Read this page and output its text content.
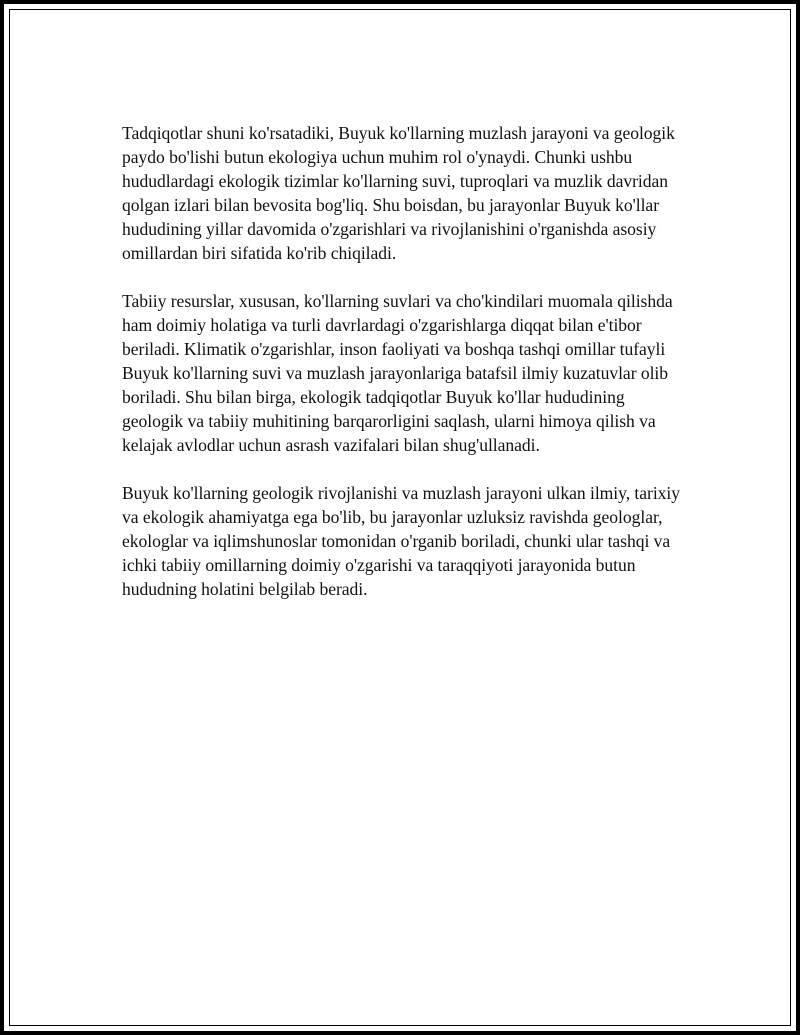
Tadqiqotlar shuni ko'rsatadiki, Buyuk ko'llarning muzlash jarayoni va geologik paydo bo'lishi butun ekologiya uchun muhim rol o'ynaydi. Chunki ushbu hududlardagi ekologik tizimlar ko'llarning suvi, tuproqlari va muzlik davridan qolgan izlari bilan bevosita bog'liq. Shu boisdan, bu jarayonlar Buyuk ko'llar hududining yillar davomida o'zgarishlari va rivojlanishini o'rganishda asosiy omillardan biri sifatida ko'rib chiqiladi.

Tabiiy resurslar, xususan, ko'llarning suvlari va cho'kindilari muomala qilishda ham doimiy holatiga va turli davrlardagi o'zgarishlarga diqqat bilan e'tibor beriladi. Klimatik o'zgarishlar, inson faoliyati va boshqa tashqi omillar tufayli Buyuk ko'llarning suvi va muzlash jarayonlariga batafsil ilmiy kuzatuvlar olib boriladi. Shu bilan birga, ekologik tadqiqotlar Buyuk ko'llar hududining geologik va tabiiy muhitining barqarorligini saqlash, ularni himoya qilish va kelajak avlodlar uchun asrash vazifalari bilan shug'ullanadi.

Buyuk ko'llarning geologik rivojlanishi va muzlash jarayoni ulkan ilmiy, tarixiy va ekologik ahamiyatga ega bo'lib, bu jarayonlar uzluksiz ravishda geologlar, ekologlar va iqlimshunoslar tomonidan o'rganib boriladi, chunki ular tashqi va ichki tabiiy omillarning doimiy o'zgarishi va taraqqiyoti jarayonida butun hududning holatini belgilab beradi.
